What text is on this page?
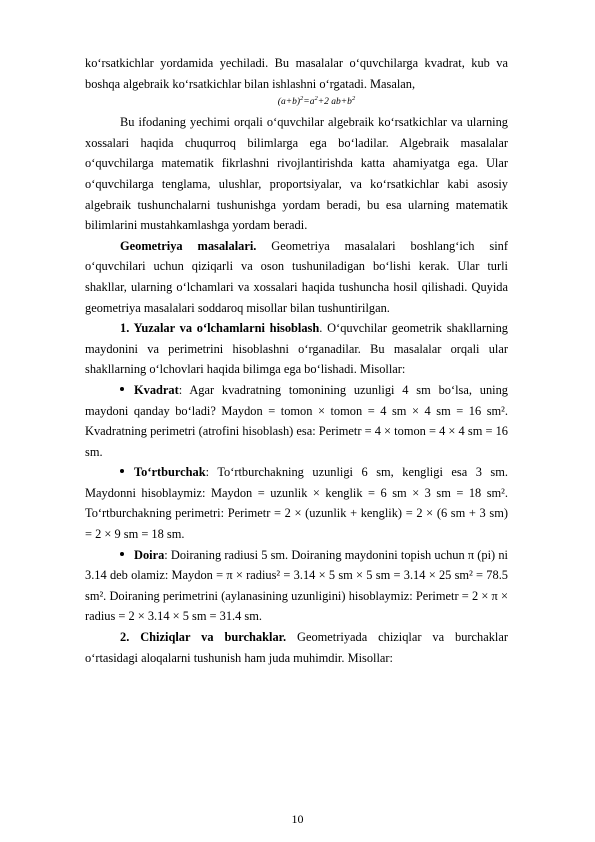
ko‘rsatkichlar yordamida yechiladi. Bu masalalar o‘quvchilarga kvadrat, kub va boshqa algebraik ko‘rsatkichlar bilan ishlashni o‘rgatadi. Masalan,

$(a+b)^2=a^2+2$ $ab+b^2$

Bu ifodaning yechimi orqali o‘quvchilar algebraik ko‘rsatkichlar va ularning xossalari haqida chuqurroq bilimlarga ega bo‘ladilar. Algebraik masalalar o‘quvchilarga matematik fikrlashni rivojlantirishda katta ahamiyatga ega. Ular o‘quvchilarga tenglama, ulushlar, proportsiyalar, va ko‘rsatkichlar kabi asosiy algebraik tushunchalarni tushunishga yordam beradi, bu esa ularning matematik bilimlarini mustahkamlashga yordam beradi.

Geometriya masalalari. Geometriya masalalari boshlang‘ich sinf o‘quvchilari uchun qiziqarli va oson tushuniladigan bo‘lishi kerak. Ular turli shakllar, ularning o‘lchamlari va xossalari haqida tushuncha hosil qilishadi. Quyida geometriya masalalari soddaroq misollar bilan tushuntirilgan.

1. Yuzalar va o‘lchamlarni hisoblash. O‘quvchilar geometrik shakllarning maydonini va perimetrini hisoblashni o‘rganadilar. Bu masalalar orqali ular shakllarning o‘lchovlari haqida bilimga ega bo‘lishadi. Misollar:

Kvadrat: Agar kvadratning tomonining uzunligi 4 sm bo‘lsa, uning maydoni qanday bo‘ladi? Maydon = tomon × tomon = 4 sm × 4 sm = 16 sm². Kvadratning perimetri (atrofini hisoblash) esa: Perimetr = 4 × tomon = 4 × 4 sm = 16 sm.

To‘rtburchak: To‘rtburchakning uzunligi 6 sm, kengligi esa 3 sm. Maydonni hisoblaymiz: Maydon = uzunlik × kenglik = 6 sm × 3 sm = 18 sm². To‘rtburchakning perimetri: Perimetr = 2 × (uzunlik + kenglik) = 2 × (6 sm + 3 sm) = 2 × 9 sm = 18 sm.

Doira: Doiraning radiusi 5 sm. Doiraning maydonini topish uchun π (pi) ni 3.14 deb olamiz: Maydon = π × radius² = 3.14 × 5 sm × 5 sm = 3.14 × 25 sm² = 78.5 sm². Doiraning perimetrini (aylanasining uzunligini) hisoblaymiz: Perimetr = 2 × π × radius = 2 × 3.14 × 5 sm = 31.4 sm.

2. Chiziqlar va burchaklar. Geometriyada chiziqlar va burchaklar o‘rtasidagi aloqalarni tushunish ham juda muhimdir. Misollar:

10
